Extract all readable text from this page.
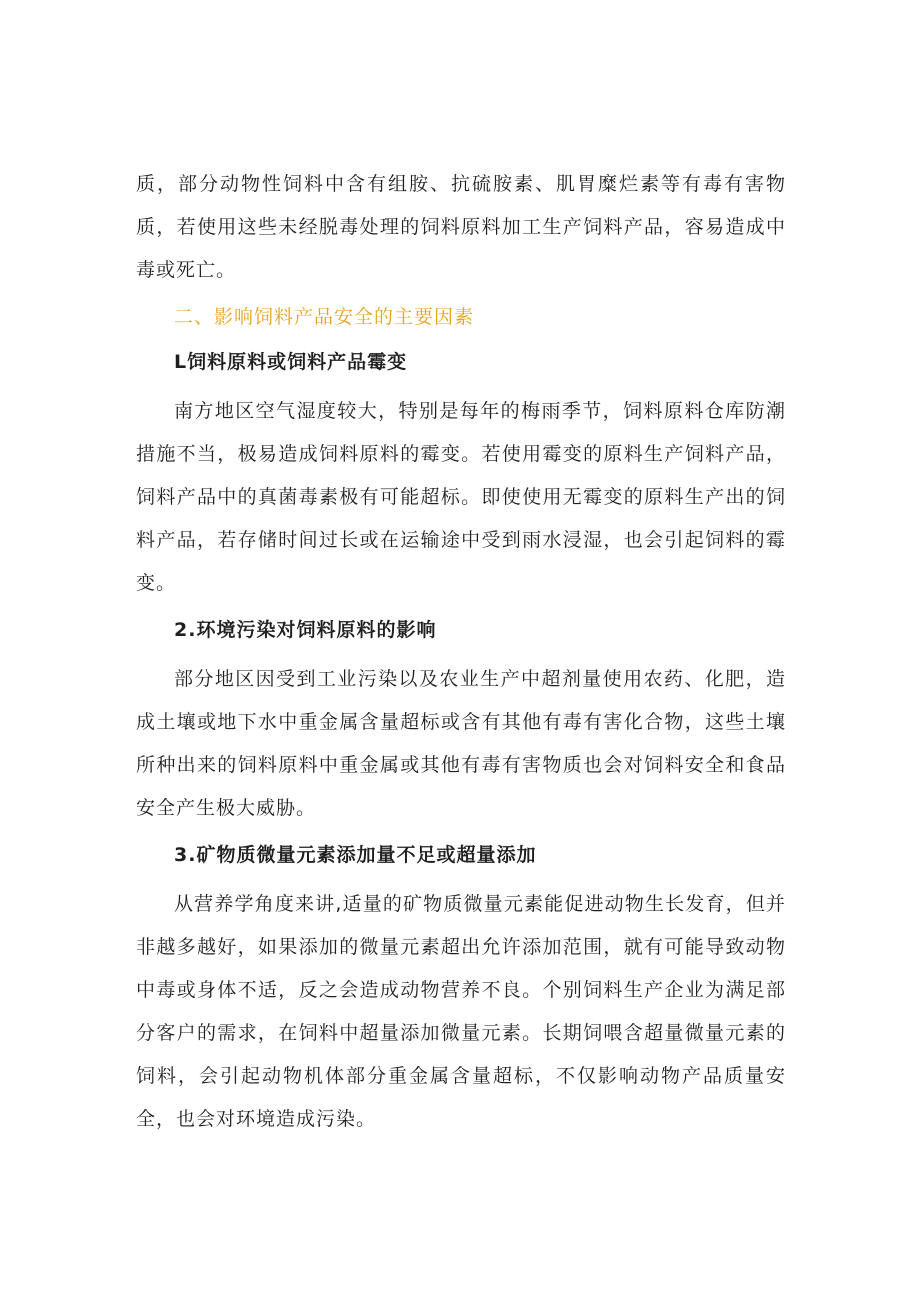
质，部分动物性饲料中含有组胺、抗硫胺素、肌胃糜烂素等有毒有害物质，若使用这些未经脱毒处理的饲料原料加工生产饲料产品，容易造成中毒或死亡。

二、影响饲料产品安全的主要因素

L饲料原料或饲料产品霉变

南方地区空气湿度较大，特别是每年的梅雨季节，饲料原料仓库防潮措施不当，极易造成饲料原料的霉变。若使用霉变的原料生产饲料产品，饲料产品中的真菌毒素极有可能超标。即使使用无霉变的原料生产出的饲料产品，若存储时间过长或在运输途中受到雨水浸湿，也会引起饲料的霉变。

2.环境污染对饲料原料的影响

部分地区因受到工业污染以及农业生产中超剂量使用农药、化肥，造成土壤或地下水中重金属含量超标或含有其他有毒有害化合物，这些土壤所种出来的饲料原料中重金属或其他有毒有害物质也会对饲料安全和食品安全产生极大威胁。

3.矿物质微量元素添加量不足或超量添加

从营养学角度来讲,适量的矿物质微量元素能促进动物生长发育，但并非越多越好，如果添加的微量元素超出允许添加范围，就有可能导致动物中毒或身体不适，反之会造成动物营养不良。个别饲料生产企业为满足部分客户的需求，在饲料中超量添加微量元素。长期饲喂含超量微量元素的饲料，会引起动物机体部分重金属含量超标，不仅影响动物产品质量安全，也会对环境造成污染。
